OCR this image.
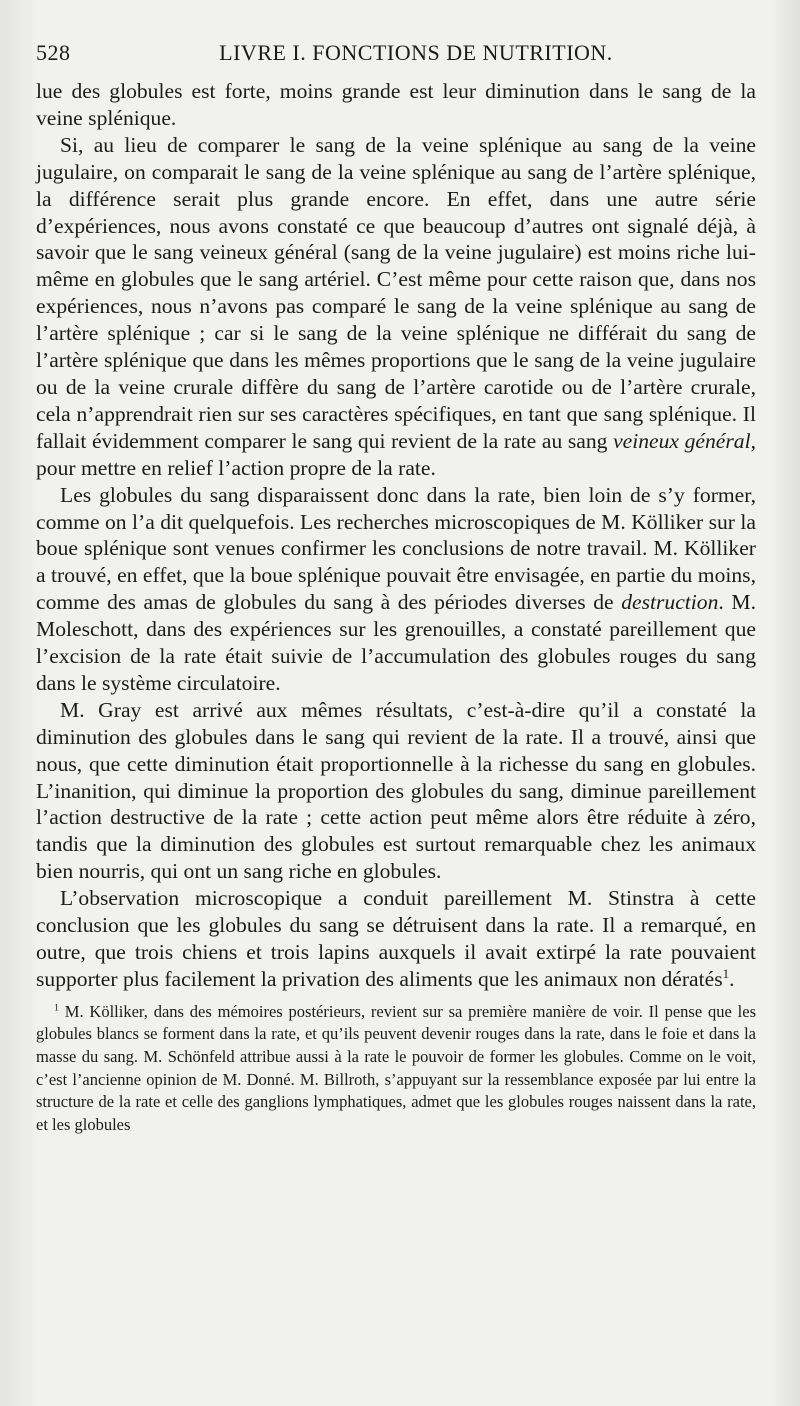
528	LIVRE I. FONCTIONS DE NUTRITION.

lue des globules est forte, moins grande est leur diminution dans le sang de la veine splénique.

Si, au lieu de comparer le sang de la veine splénique au sang de la veine jugulaire, on comparait le sang de la veine splénique au sang de l’artère splénique, la différence serait plus grande encore. En effet, dans une autre série d’expériences, nous avons constaté ce que beaucoup d’autres ont signalé déjà, à savoir que le sang veineux général (sang de la veine jugulaire) est moins riche lui-même en globules que le sang artériel. C’est même pour cette raison que, dans nos expériences, nous n’avons pas comparé le sang de la veine splénique au sang de l’artère splénique ; car si le sang de la veine splénique ne différait du sang de l’artère splénique que dans les mêmes proportions que le sang de la veine jugulaire ou de la veine crurale diffère du sang de l’artère carotide ou de l’artère crurale, cela n’apprendrait rien sur ses caractères spécifiques, en tant que sang splénique. Il fallait évidemment comparer le sang qui revient de la rate au sang veineux général, pour mettre en relief l’action propre de la rate.

Les globules du sang disparaissent donc dans la rate, bien loin de s’y former, comme on l’a dit quelquefois. Les recherches microscopiques de M. Kölliker sur la boue splénique sont venues confirmer les conclusions de notre travail. M. Kölliker a trouvé, en effet, que la boue splénique pouvait être envisagée, en partie du moins, comme des amas de globules du sang à des périodes diverses de destruction. M. Moleschott, dans des expériences sur les grenouilles, a constaté pareillement que l’excision de la rate était suivie de l’accumulation des globules rouges du sang dans le système circulatoire.

M. Gray est arrivé aux mêmes résultats, c’est-à-dire qu’il a constaté la diminution des globules dans le sang qui revient de la rate. Il a trouvé, ainsi que nous, que cette diminution était proportionnelle à la richesse du sang en globules. L’inanition, qui diminue la proportion des globules du sang, diminue pareillement l’action destructive de la rate ; cette action peut même alors être réduite à zéro, tandis que la diminution des globules est surtout remarquable chez les animaux bien nourris, qui ont un sang riche en globules.

L’observation microscopique a conduit pareillement M. Stinstra à cette conclusion que les globules du sang se détruisent dans la rate. Il a remarqué, en outre, que trois chiens et trois lapins auxquels il avait extirpé la rate pouvaient supporter plus facilement la privation des aliments que les animaux non dératés$^1$.

$^1$ M. Kölliker, dans des mémoires postérieurs, revient sur sa première manière de voir. Il pense que les globules blancs se forment dans la rate, et qu’ils peuvent devenir rouges dans la rate, dans le foie et dans la masse du sang. M. Schönfeld attribue aussi à la rate le pouvoir de former les globules. Comme on le voit, c’est l’ancienne opinion de M. Donné. M. Billroth, s’appuyant sur la ressemblance exposée par lui entre la structure de la rate et celle des ganglions lymphatiques, admet que les globules rouges naissent dans la rate, et les globules
